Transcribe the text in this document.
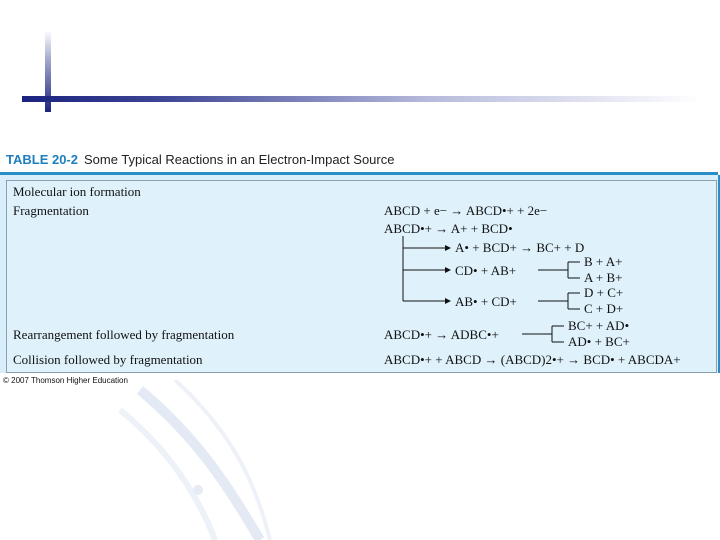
TABLE 20-2 Some Typical Reactions in an Electron-Impact Source
Molecular ion formation
Fragmentation
Rearrangement followed by fragmentation
Collision followed by fragmentation
ABCD + e− → ABCD•+ + 2e−
ABCD•+ → A+ + BCD•
A• + BCD+ → BC+ + D
CD• + AB+
B + A+
A + B+
AB• + CD+
D + C+
C + D+
ABCD•+ → ADBC•+
BC+ + AD•
AD• + BC+
ABCD•+ + ABCD → (ABCD)2•+ → BCD• + ABCDA+
© 2007 Thomson Higher Education
